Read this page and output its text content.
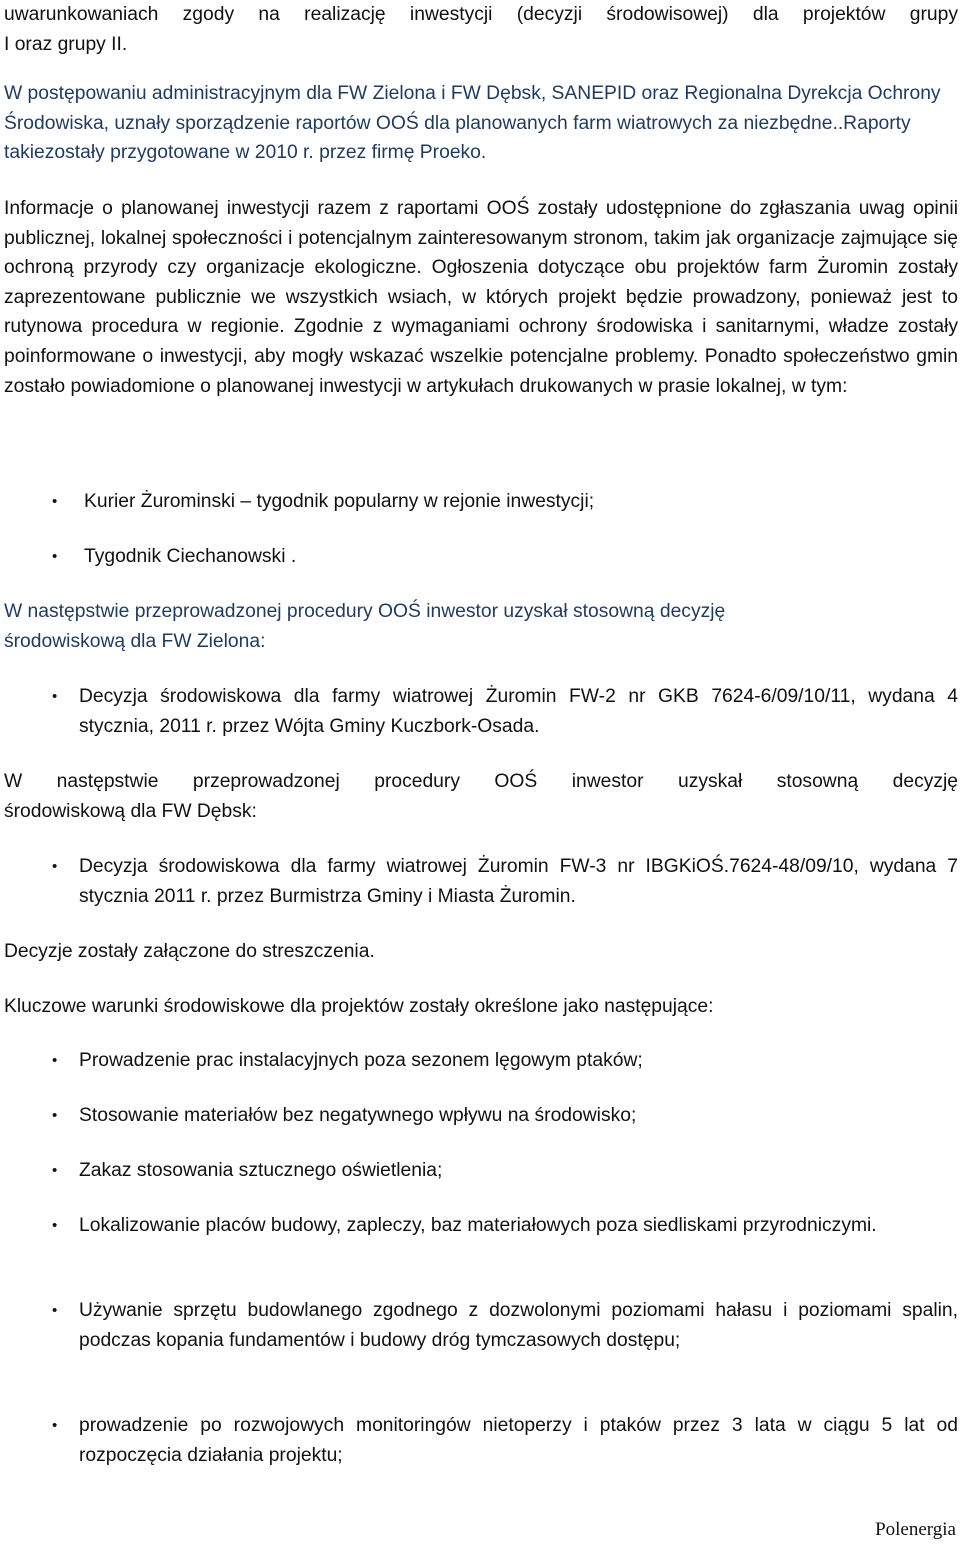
uwarunkowaniach zgody na realizację inwestycji (decyzji środowisowej) dla projektów grupy

I oraz grupy II.

W postępowaniu administracyjnym dla FW Zielona i FW Dębsk, SANEPID oraz Regionalna Dyrekcja Ochrony Środowiska, uznały sporządzenie raportów OOŚ dla planowanych farm wiatrowych za niezbędne..Raporty takiezostały przygotowane w 2010 r. przez firmę Proeko.

Informacje o planowanej inwestycji razem z raportami OOŚ zostały udostępnione do zgłaszania uwag opinii publicznej, lokalnej społeczności i potencjalnym zainteresowanym stronom, takim jak organizacje zajmujące się ochroną przyrody czy organizacje ekologiczne. Ogłoszenia dotyczące obu projektów farm Żuromin zostały zaprezentowane publicznie we wszystkich wsiach, w których projekt będzie prowadzony, ponieważ jest to rutynowa procedura w regionie. Zgodnie z wymaganiami ochrony środowiska i sanitarnymi, władze zostały poinformowane o inwestycji, aby mogły wskazać wszelkie potencjalne problemy. Ponadto społeczeństwo gmin zostało powiadomione o planowanej inwestycji w artykułach drukowanych w prasie lokalnej, w tym:

• Kurier Żurominski – tygodnik popularny w rejonie inwestycji;

• Tygodnik Ciechanowski .

W następstwie przeprowadzonej procedury OOŚ inwestor uzyskał stosowną decyzję

środowiskową dla FW Zielona:

• Decyzja środowiskowa dla farmy wiatrowej Żuromin FW-2 nr GKB 7624-6/09/10/11, wydana 4 stycznia, 2011 r. przez Wójta Gminy Kuczbork-Osada.

W następstwie przeprowadzonej procedury OOŚ inwestor uzyskał stosowną decyzję

środowiskową dla FW Dębsk:

• Decyzja środowiskowa dla farmy wiatrowej Żuromin FW-3 nr IBGKiOŚ.7624-48/09/10, wydana 7 stycznia 2011 r. przez Burmistrza Gminy i Miasta Żuromin.

Decyzje zostały załączone do streszczenia.

Kluczowe warunki środowiskowe dla projektów zostały określone jako następujące:

• Prowadzenie prac instalacyjnych poza sezonem lęgowym ptaków;

• Stosowanie materiałów bez negatywnego wpływu na środowisko;

• Zakaz stosowania sztucznego oświetlenia;

• Lokalizowanie placów budowy, zapleczy, baz materiałowych poza siedliskami przyrodniczymi.

• Używanie sprzętu budowlanego zgodnego z dozwolonymi poziomami hałasu i poziomami spalin, podczas kopania fundamentów i budowy dróg tymczasowych dostępu;

• prowadzenie po rozwojowych monitoringów nietoperzy i ptaków przez 3 lata w ciągu 5 lat od rozpoczęcia działania projektu;

Polenergia
